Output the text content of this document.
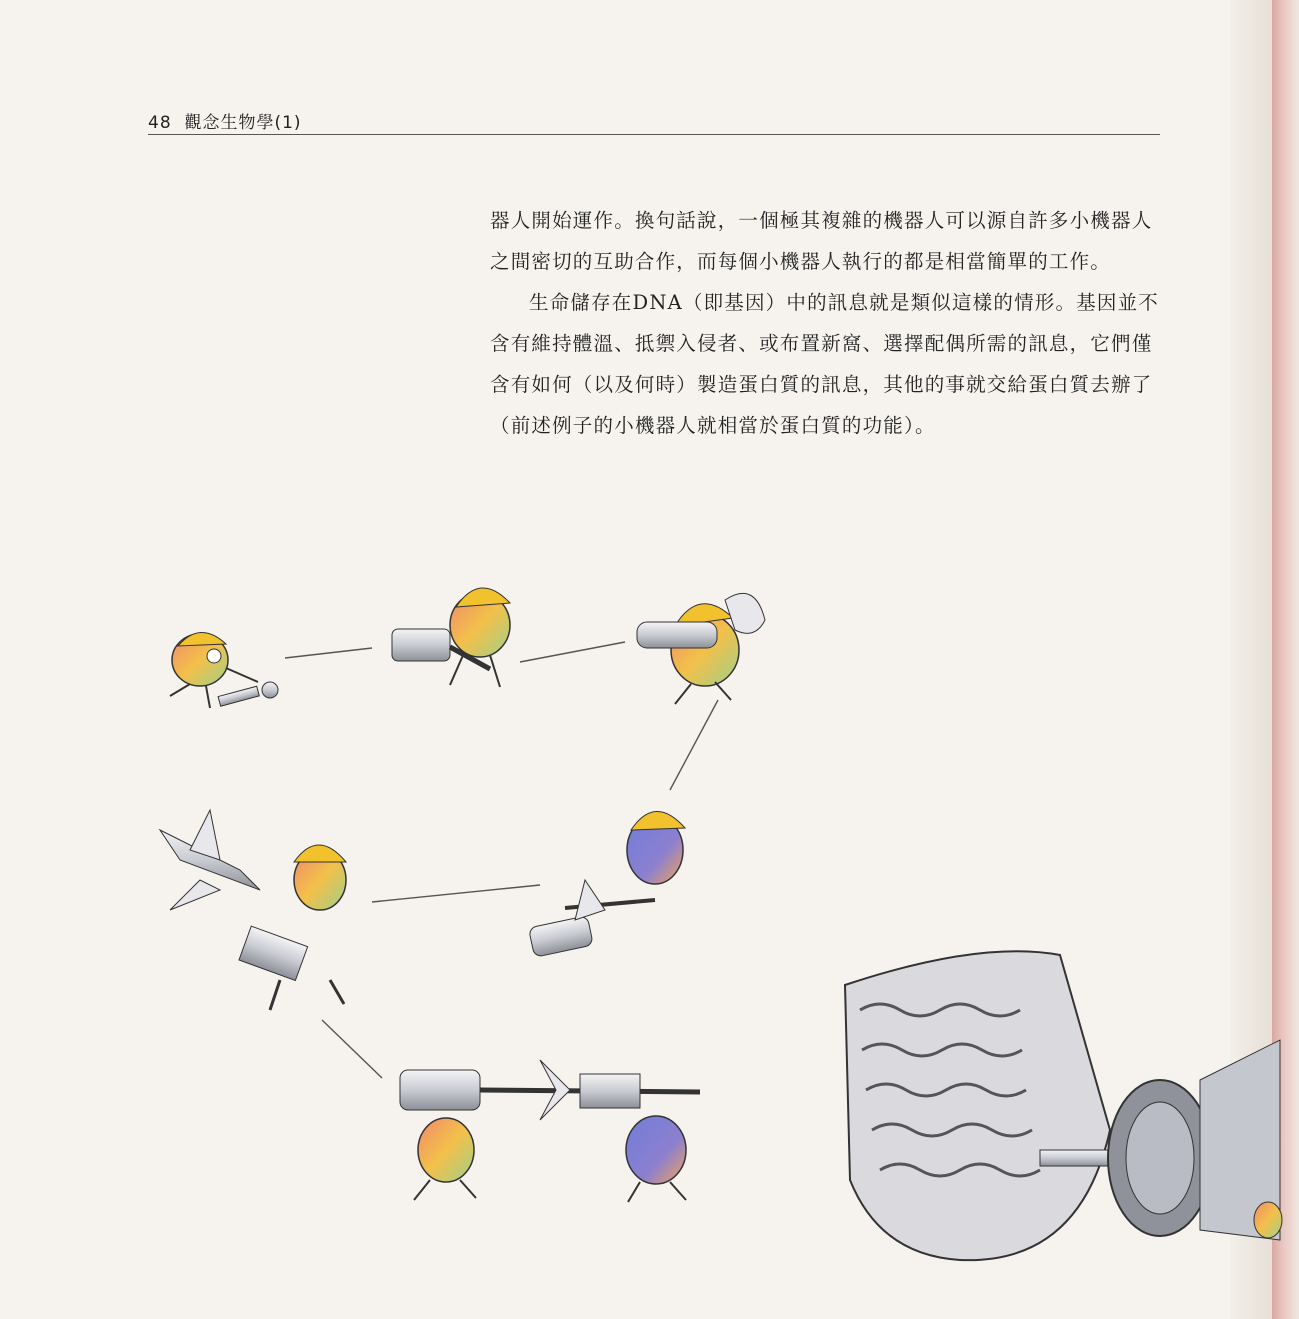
48 觀念生物學(1)

器人開始運作。換句話說，一個極其複雜的機器人可以源自許多小機器人之間密切的互助合作，而每個小機器人執行的都是相當簡單的工作。

生命儲存在DNA（即基因）中的訊息就是類似這樣的情形。基因並不含有維持體溫、抵禦入侵者、或布置新窩、選擇配偶所需的訊息，它們僅含有如何（以及何時）製造蛋白質的訊息，其他的事就交給蛋白質去辦了（前述例子的小機器人就相當於蛋白質的功能）。
